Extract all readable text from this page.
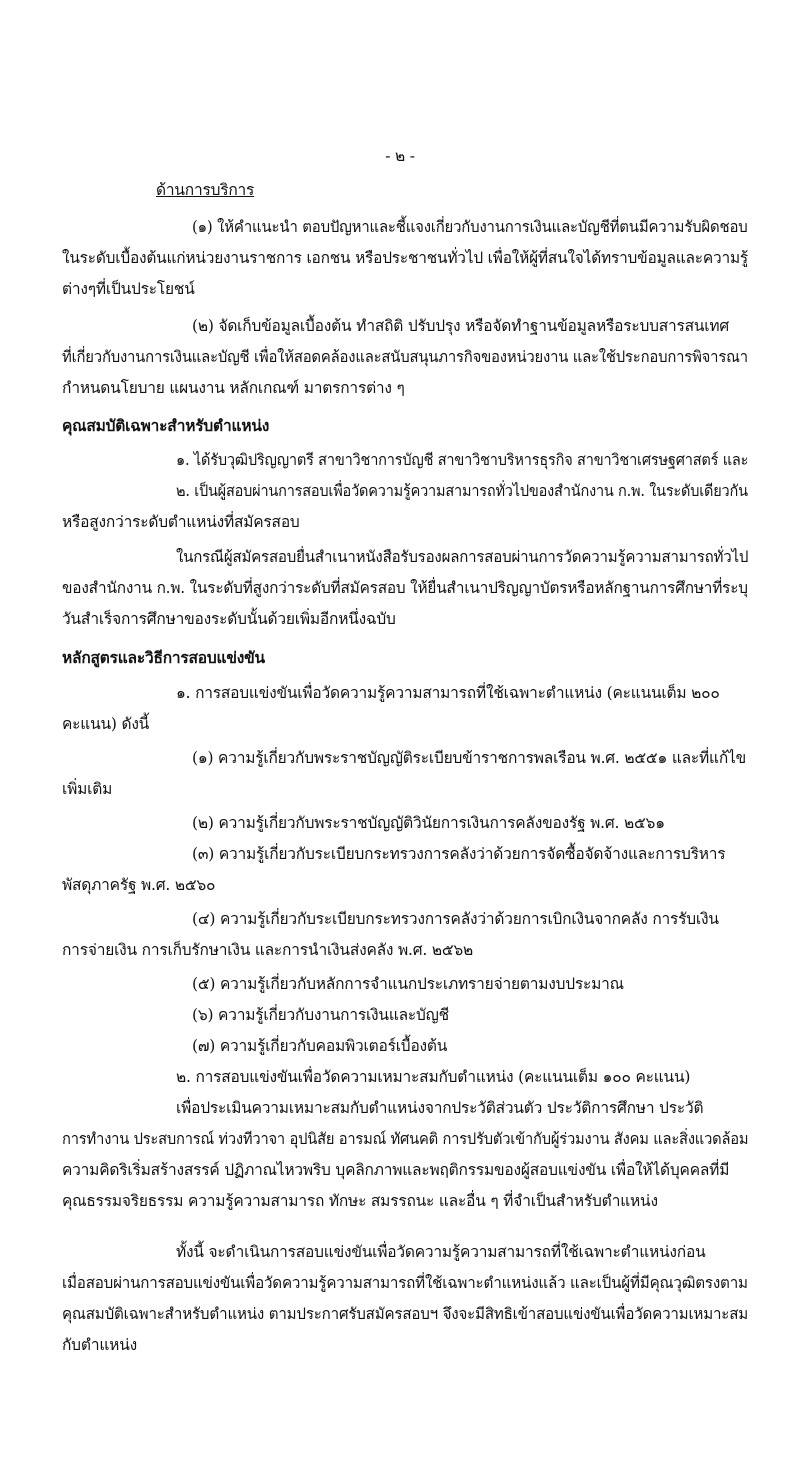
- ๒ -
ด้านการบริการ
(๑) ให้คำแนะนำ ตอบปัญหาและชี้แจงเกี่ยวกับงานการเงินและบัญชีที่ตนมีความรับผิดชอบ
ในระดับเบื้องต้นแก่หน่วยงานราชการ เอกชน หรือประชาชนทั่วไป เพื่อให้ผู้ที่สนใจได้ทราบข้อมูลและความรู้
ต่างๆที่เป็นประโยชน์
(๒) จัดเก็บข้อมูลเบื้องต้น ทำสถิติ ปรับปรุง หรือจัดทำฐานข้อมูลหรือระบบสารสนเทศ
ที่เกี่ยวกับงานการเงินและบัญชี เพื่อให้สอดคล้องและสนับสนุนภารกิจของหน่วยงาน และใช้ประกอบการพิจารณา
กำหนดนโยบาย แผนงาน หลักเกณฑ์ มาตรการต่าง ๆ
คุณสมบัติเฉพาะสำหรับตำแหน่ง
๑. ได้รับวุฒิปริญญาตรี สาขาวิชาการบัญชี สาขาวิชาบริหารธุรกิจ สาขาวิชาเศรษฐศาสตร์ และ
๒. เป็นผู้สอบผ่านการสอบเพื่อวัดความรู้ความสามารถทั่วไปของสำนักงาน ก.พ. ในระดับเดียวกัน
หรือสูงกว่าระดับตำแหน่งที่สมัครสอบ
ในกรณีผู้สมัครสอบยื่นสำเนาหนังสือรับรองผลการสอบผ่านการวัดความรู้ความสามารถทั่วไป
ของสำนักงาน ก.พ. ในระดับที่สูงกว่าระดับที่สมัครสอบ ให้ยื่นสำเนาปริญญาบัตรหรือหลักฐานการศึกษาที่ระบุ
วันสำเร็จการศึกษาของระดับนั้นด้วยเพิ่มอีกหนึ่งฉบับ
หลักสูตรและวิธีการสอบแข่งขัน
๑. การสอบแข่งขันเพื่อวัดความรู้ความสามารถที่ใช้เฉพาะตำแหน่ง (คะแนนเต็ม ๒๐๐
คะแนน) ดังนี้
(๑) ความรู้เกี่ยวกับพระราชบัญญัติระเบียบข้าราชการพลเรือน พ.ศ. ๒๕๕๑ และที่แก้ไข
เพิ่มเติม
(๒) ความรู้เกี่ยวกับพระราชบัญญัติวินัยการเงินการคลังของรัฐ พ.ศ. ๒๕๖๑
(๓) ความรู้เกี่ยวกับระเบียบกระทรวงการคลังว่าด้วยการจัดซื้อจัดจ้างและการบริหาร
พัสดุภาครัฐ พ.ศ. ๒๕๖๐
(๔) ความรู้เกี่ยวกับระเบียบกระทรวงการคลังว่าด้วยการเบิกเงินจากคลัง การรับเงิน
การจ่ายเงิน การเก็บรักษาเงิน และการนำเงินส่งคลัง พ.ศ. ๒๕๖๒
(๕) ความรู้เกี่ยวกับหลักการจำแนกประเภทรายจ่ายตามงบประมาณ
(๖) ความรู้เกี่ยวกับงานการเงินและบัญชี
(๗) ความรู้เกี่ยวกับคอมพิวเตอร์เบื้องต้น
๒. การสอบแข่งขันเพื่อวัดความเหมาะสมกับตำแหน่ง (คะแนนเต็ม ๑๐๐ คะแนน)
เพื่อประเมินความเหมาะสมกับตำแหน่งจากประวัติส่วนตัว ประวัติการศึกษา ประวัติ
การทำงาน ประสบการณ์ ท่วงทีวาจา อุปนิสัย อารมณ์ ทัศนคติ การปรับตัวเข้ากับผู้ร่วมงาน สังคม และสิ่งแวดล้อม
ความคิดริเริ่มสร้างสรรค์ ปฏิภาณไหวพริบ บุคลิกภาพและพฤติกรรมของผู้สอบแข่งขัน เพื่อให้ได้บุคคลที่มี
คุณธรรมจริยธรรม ความรู้ความสามารถ ทักษะ สมรรถนะ และอื่น ๆ ที่จำเป็นสำหรับตำแหน่ง
ทั้งนี้ จะดำเนินการสอบแข่งขันเพื่อวัดความรู้ความสามารถที่ใช้เฉพาะตำแหน่งก่อน
เมื่อสอบผ่านการสอบแข่งขันเพื่อวัดความรู้ความสามารถที่ใช้เฉพาะตำแหน่งแล้ว และเป็นผู้ที่มีคุณวุฒิตรงตาม
คุณสมบัติเฉพาะสำหรับตำแหน่ง ตามประกาศรับสมัครสอบฯ จึงจะมีสิทธิเข้าสอบแข่งขันเพื่อวัดความเหมาะสม
กับตำแหน่ง
